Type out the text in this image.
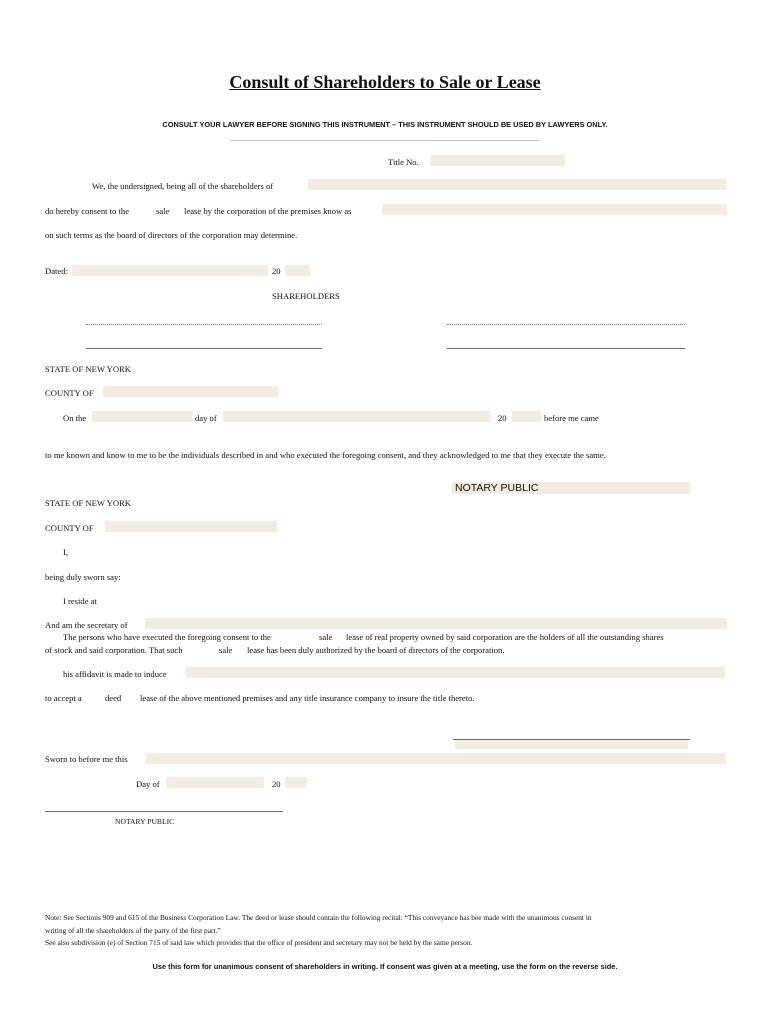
Consult of Shareholders to Sale or Lease
CONSULT YOUR LAWYER BEFORE SIGNING THIS INSTRUMENT – THIS INSTRUMENT SHOULD BE USED BY LAWYERS ONLY.
Title No.
We, the undersigned, being all of the shareholders of
do hereby consent to the	sale lease by the corporation of the premises know as
on such terms as the board of directors of the corporation may determine.
Dated:	20
SHAREHOLDERS
STATE OF NEW YORK
COUNTY OF
On the	day of	20	before me came
to me known and know to me to be the individuals described in and who executed the foregoing consent, and they acknowledged to me that they execute the same.
NOTARY PUBLIC
STATE OF NEW YORK
COUNTY OF
I,
being duly sworn say:
I reside at
And am the secretary of
The persons who have executed the foregoing consent to the	sale lease of real property owned by said corporation are the holders of all the outstanding shares
of stock and said corporation. That such	sale lease has been duly authorized by the board of directors of the corporation.
his affidavit is made to induce
to accept a	deed lease of the above mentioned premises and any title insurance company to insure the title thereto.
Sworn to before me this
Day of	20
NOTARY PUBLIC
Note: See Sections 909 and 615 of the Business Corporation Law. The deed or lease should contain the following recital: “This conveyance has bee made with the unanimous consent in
writing of all the shareholders of the party of the first part.”
See also subdivision (e) of Section 715 of said law which provides that the office of president and secretary may not be held by the same person.
Use this form for unanimous consent of shareholders in writing. If consent was given at a meeting, use the form on the reverse side.
